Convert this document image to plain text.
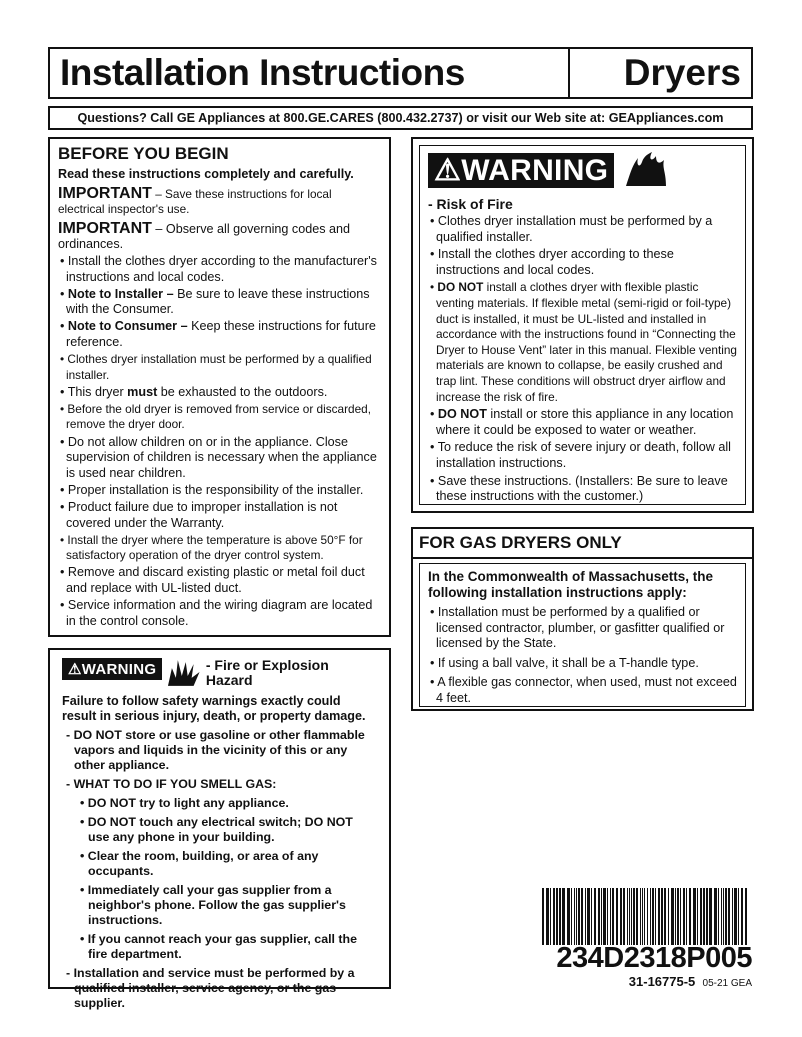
Installation Instructions	Dryers
Questions? Call GE Appliances at 800.GE.CARES (800.432.2737) or visit our Web site at: GEAppliances.com
BEFORE YOU BEGIN
Read these instructions completely and carefully.
IMPORTANT – Save these instructions for local electrical inspector's use.
IMPORTANT – Observe all governing codes and ordinances.
• Install the clothes dryer according to the manufacturer's instructions and local codes.
• Note to Installer – Be sure to leave these instructions with the Consumer.
• Note to Consumer – Keep these instructions for future reference.
• Clothes dryer installation must be performed by a qualified installer.
• This dryer must be exhausted to the outdoors.
• Before the old dryer is removed from service or discarded, remove the dryer door.
• Do not allow children on or in the appliance. Close supervision of children is necessary when the appliance is used near children.
• Proper installation is the responsibility of the installer.
• Product failure due to improper installation is not covered under the Warranty.
• Install the dryer where the temperature is above 50°F for satisfactory operation of the dryer control system.
• Remove and discard existing plastic or metal foil duct and replace with UL-listed duct.
• Service information and the wiring diagram are located in the control console.
⚠WARNING	- Fire or Explosion Hazard
Failure to follow safety warnings exactly could result in serious injury, death, or property damage.
- DO NOT store or use gasoline or other flammable vapors and liquids in the vicinity of this or any other appliance.
- WHAT TO DO IF YOU SMELL GAS:
• DO NOT try to light any appliance.
• DO NOT touch any electrical switch; DO NOT use any phone in your building.
• Clear the room, building, or area of any occupants.
• Immediately call your gas supplier from a neighbor's phone. Follow the gas supplier's instructions.
• If you cannot reach your gas supplier, call the fire department.
- Installation and service must be performed by a qualified installer, service agency, or the gas supplier.
⚠WARNING
- Risk of Fire
• Clothes dryer installation must be performed by a qualified installer.
• Install the clothes dryer according to these instructions and local codes.
• DO NOT install a clothes dryer with flexible plastic venting materials. If flexible metal (semi-rigid or foil-type) duct is installed, it must be UL-listed and installed in accordance with the instructions found in “Connecting the Dryer to House Vent” later in this manual. Flexible venting materials are known to collapse, be easily crushed and trap lint. These conditions will obstruct dryer airflow and increase the risk of fire.
• DO NOT install or store this appliance in any location where it could be exposed to water or weather.
• To reduce the risk of severe injury or death, follow all installation instructions.
• Save these instructions. (Installers: Be sure to leave these instructions with the customer.)
FOR GAS DRYERS ONLY
In the Commonwealth of Massachusetts, the following installation instructions apply:
• Installation must be performed by a qualified or licensed contractor, plumber, or gasfitter qualified or licensed by the State.
• If using a ball valve, it shall be a T-handle type.
• A flexible gas connector, when used, must not exceed 4 feet.
234D2318P005
31-16775-5 05-21 GEA
